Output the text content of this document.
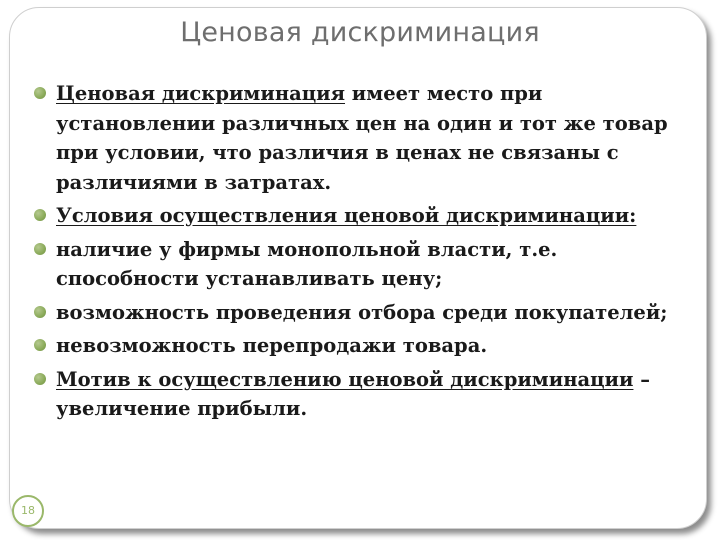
Ценовая дискриминация
Ценовая дискриминация имеет место при установлении различных цен на один и тот же товар при условии, что различия в ценах не связаны с различиями в затратах.
Условия осуществления ценовой дискриминации:
наличие у фирмы монопольной власти, т.е. способности устанавливать цену;
возможность проведения отбора среди покупателей;
невозможность перепродажи товара.
Мотив к осуществлению ценовой дискриминации – увеличение прибыли.
18
